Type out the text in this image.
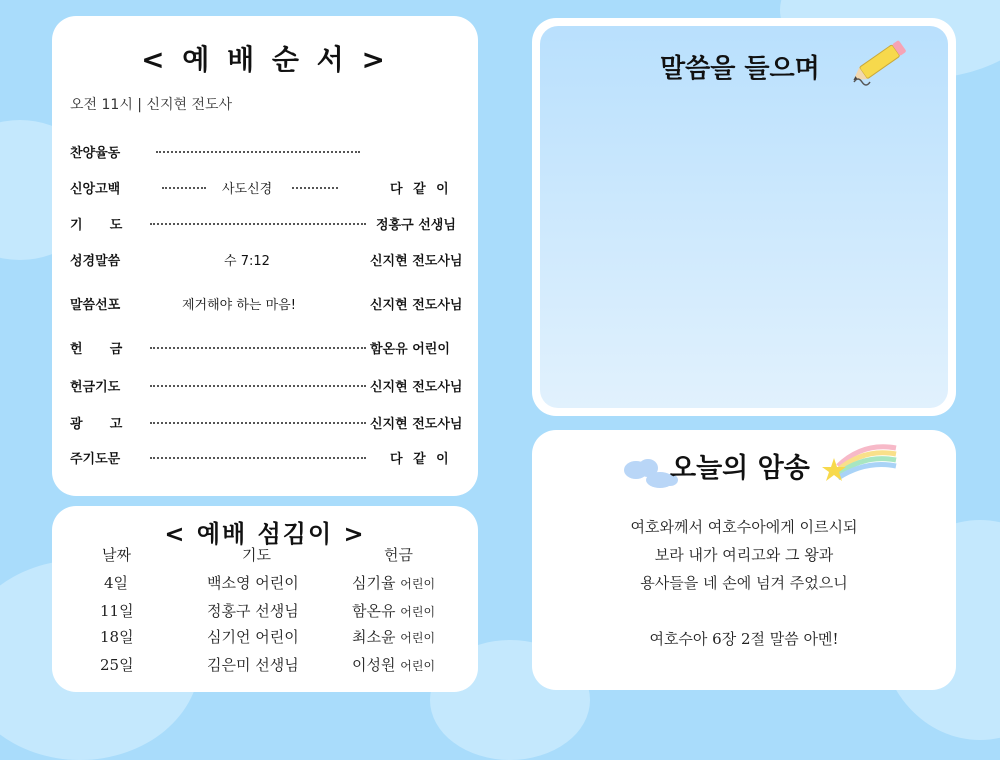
< 예 배 순 서 >
오전 11시 | 신지현 전도사
찬양율동
신앙고백	사도신경	다 같 이
기      도	정홍구 선생님
성경말씀	수 7:12	신지현 전도사님
말씀선포	제거해야 하는 마음!	신지현 전도사님
헌      금	함온유 어린이
헌금기도	신지현 전도사님
광      고	신지현 전도사님
주기도문	다 같 이
< 예배 섬김이 >
날짜	기도	헌금
4일	백소영 어린이	심기율 어린이
11일	정홍구 선생님	함온유 어린이
18일	심기언 어린이	최소윤 어린이
25일	김은미 선생님	이성원 어린이
말씀을 들으며
오늘의 암송
여호와께서 여호수아에게 이르시되
보라 내가 여리고와 그 왕과
용사들을 네 손에 넘겨 주었으니
여호수아 6장 2절 말씀 아멘!
